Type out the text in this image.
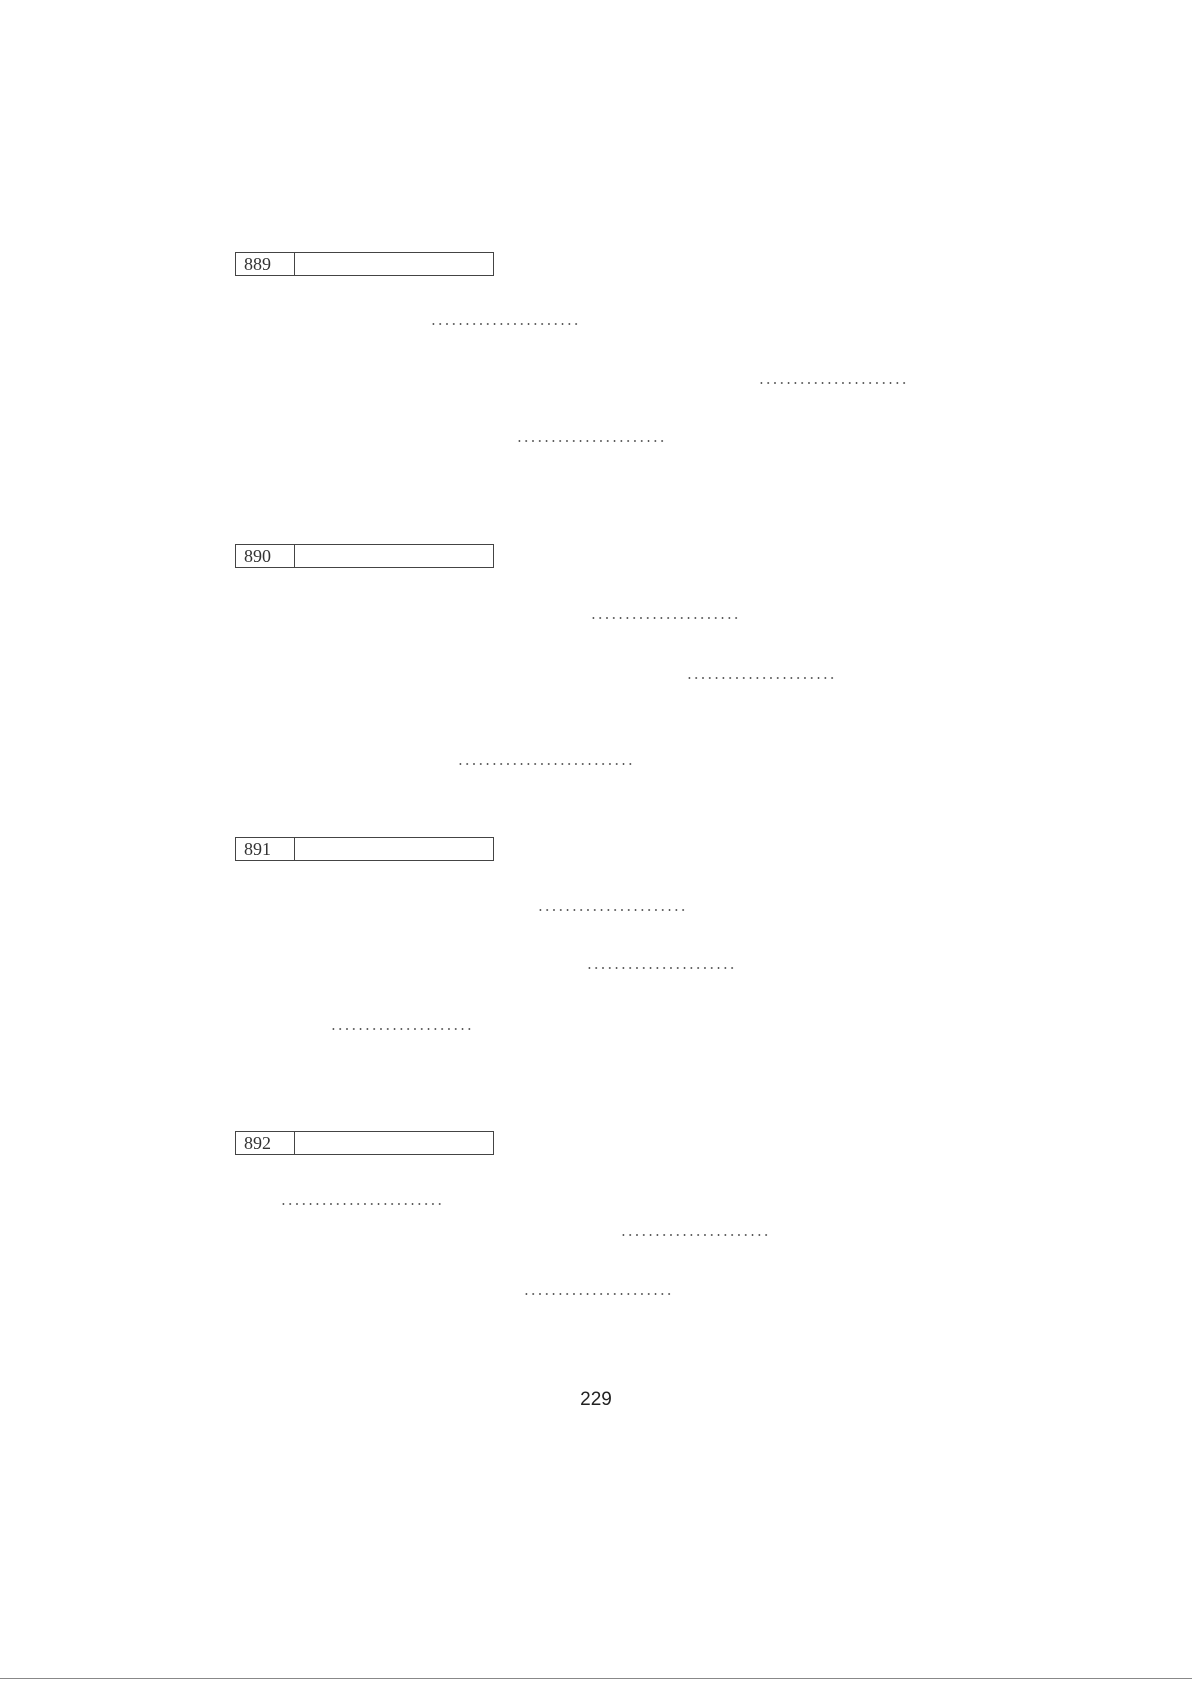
889
890
891
892
229
